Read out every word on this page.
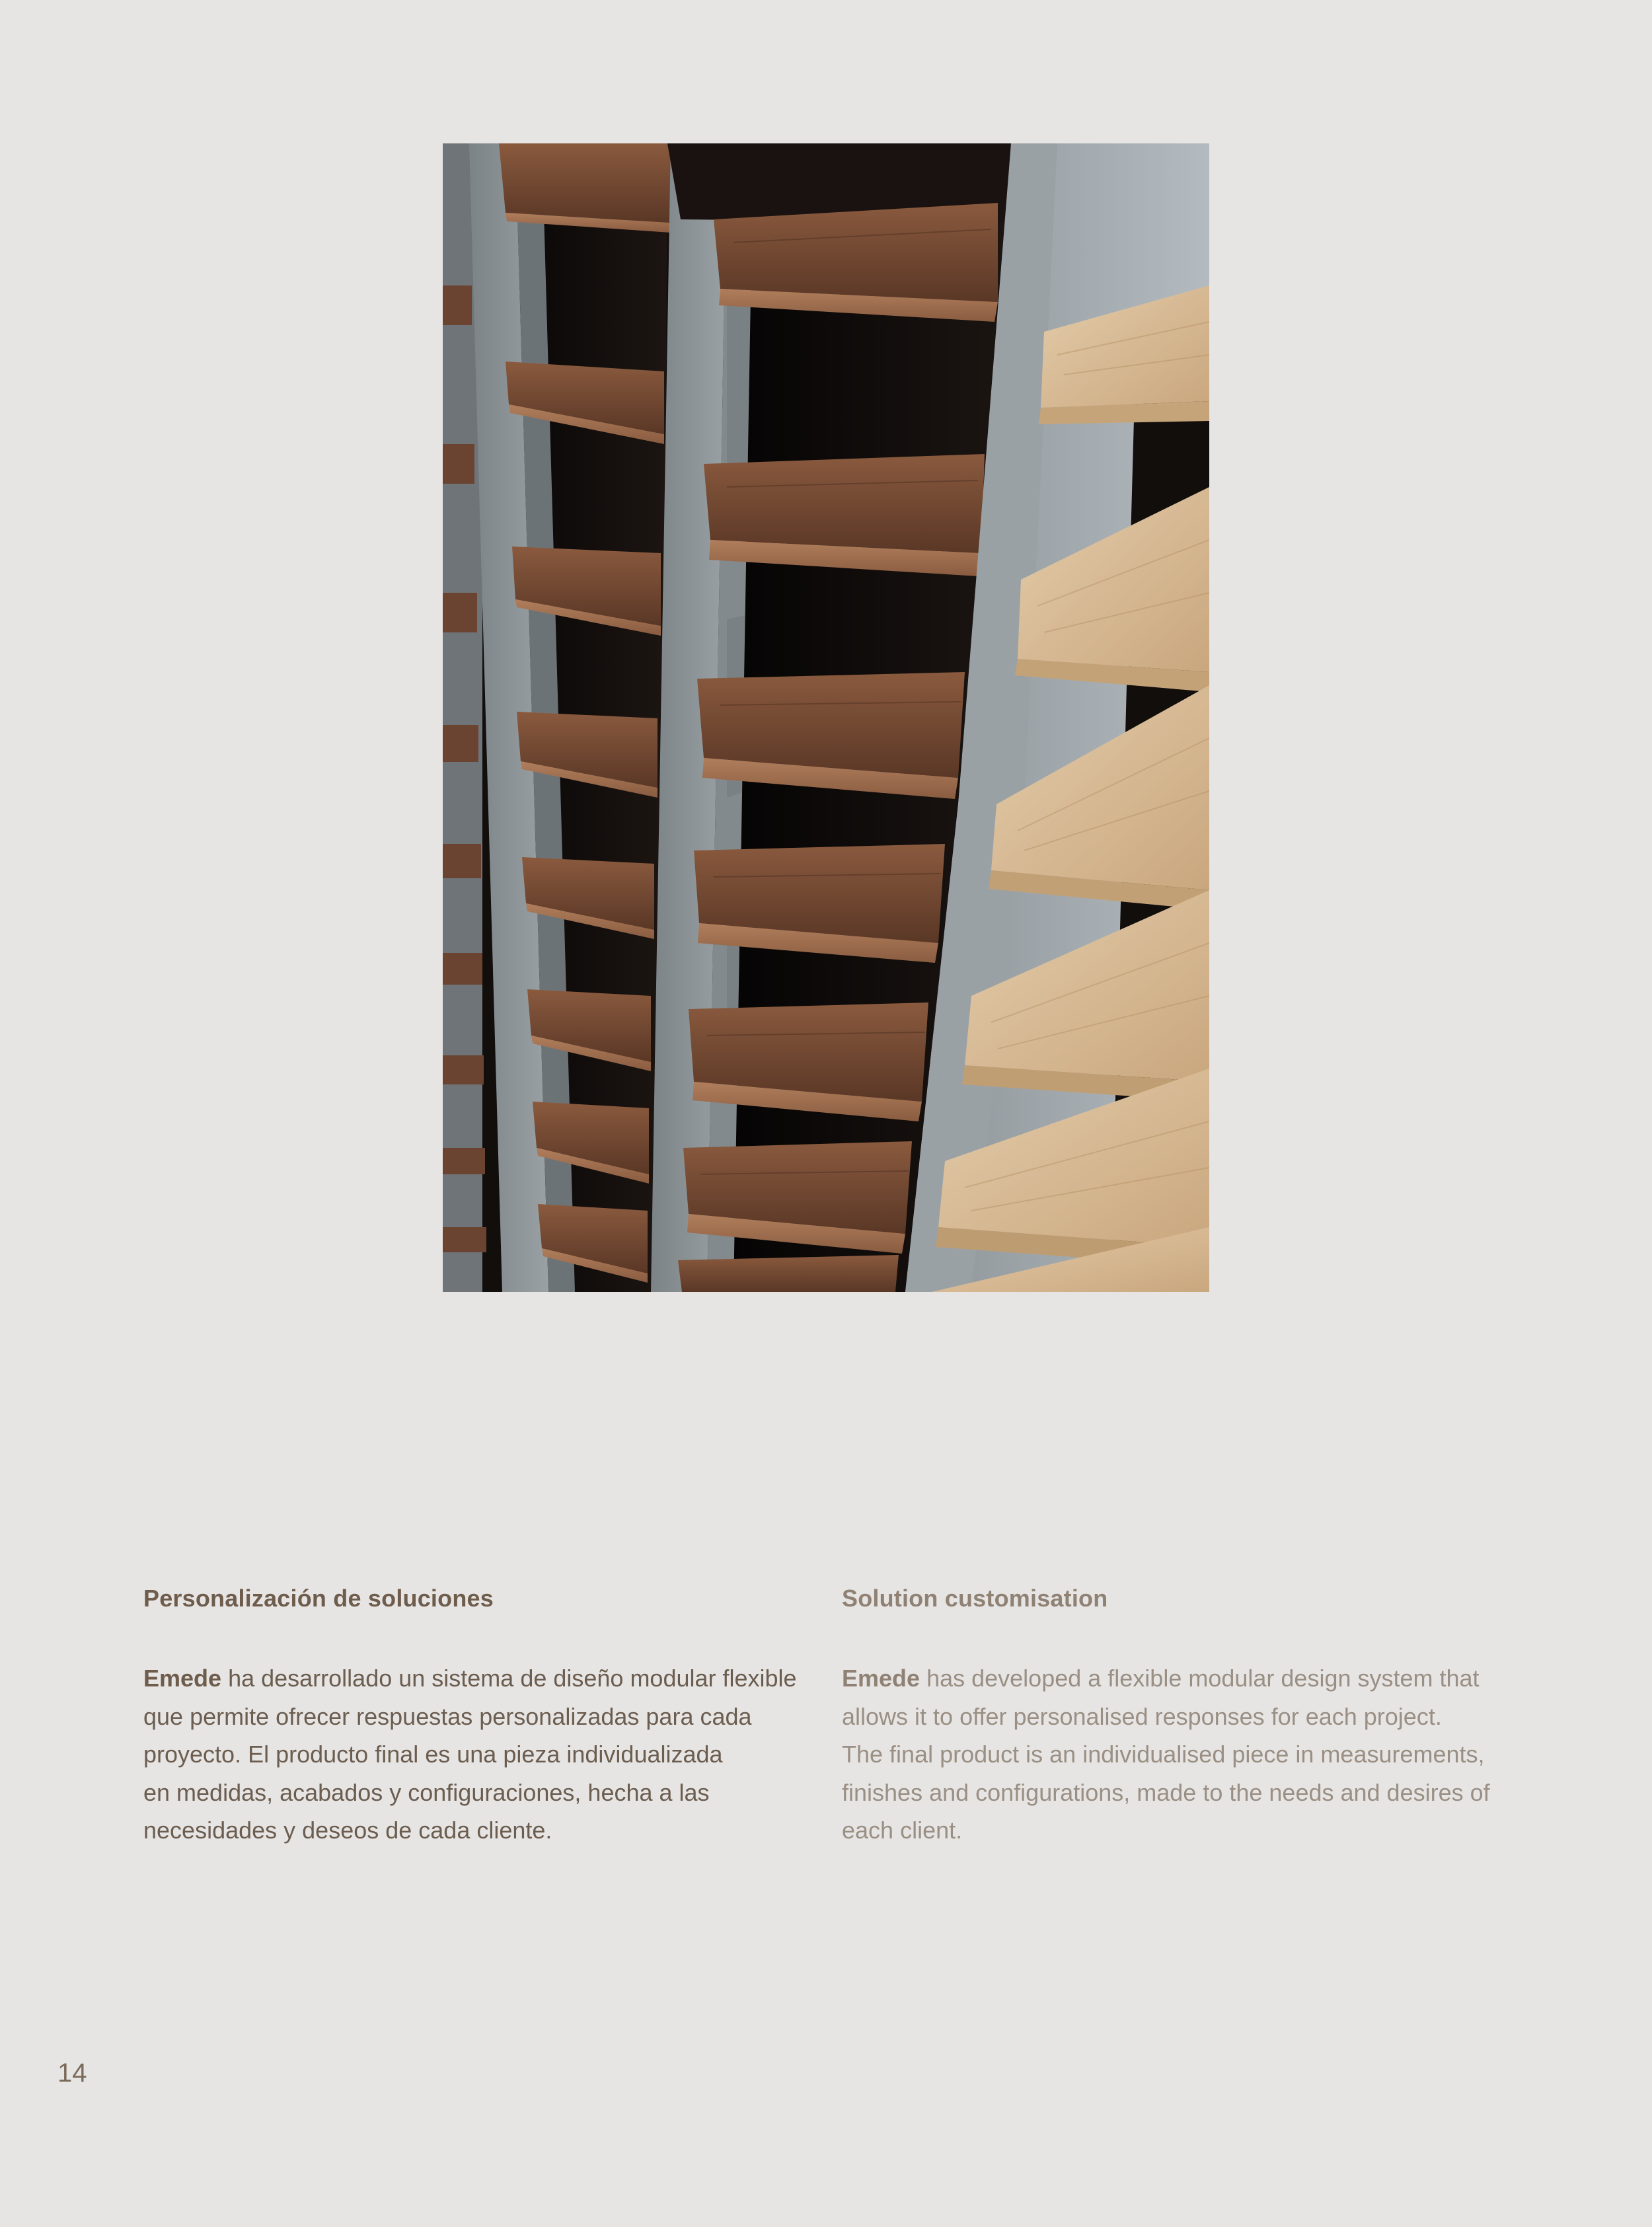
Personalización de soluciones

Emede ha desarrollado un sistema de diseño modular flexible
que permite ofrecer respuestas personalizadas para cada
proyecto. El producto final es una pieza individualizada
en medidas, acabados y configuraciones, hecha a las
necesidades y deseos de cada cliente.

Solution customisation

Emede has developed a flexible modular design system that
allows it to offer personalised responses for each project.
The final product is an individualised piece in measurements,
finishes and configurations, made to the needs and desires of
each client.

14
